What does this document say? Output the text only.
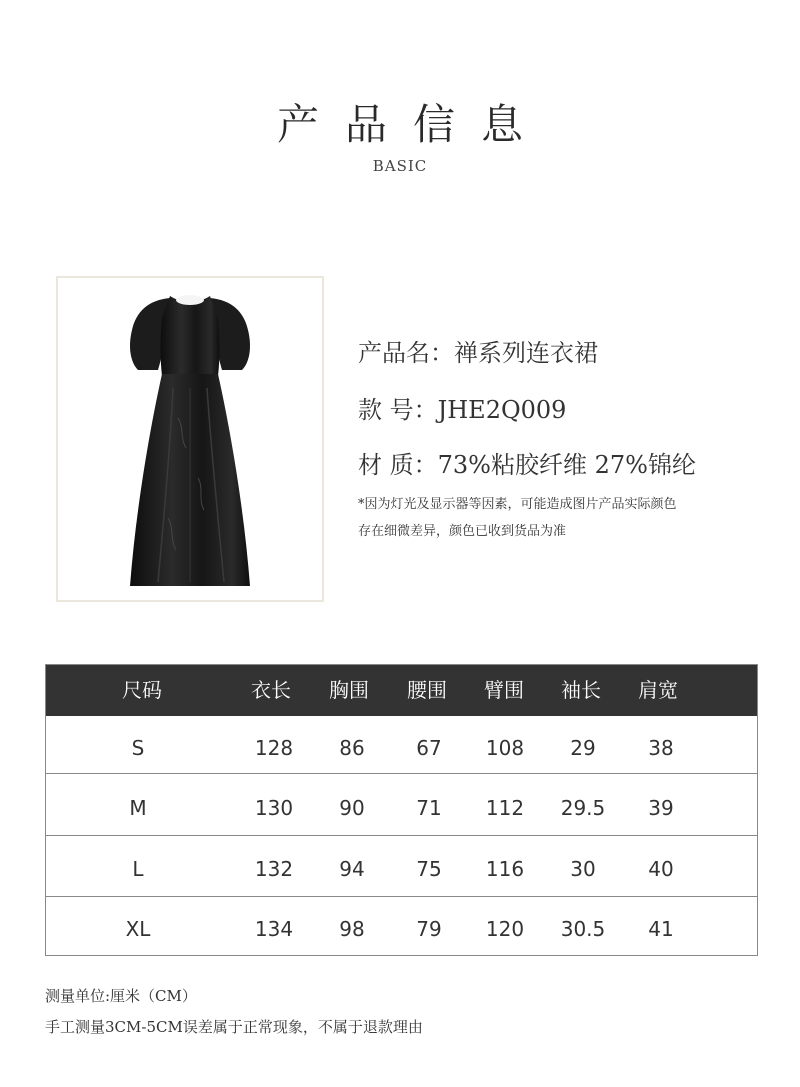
产品信息
BASIC
产品名：禅系列连衣裙
款 号：JHE2Q009
材 质：73%粘胶纤维 27%锦纶
*因为灯光及显示器等因素，可能造成图片产品实际颜色
存在细微差异，颜色已收到货品为准
尺码	衣长 胸围 腰围 臂围 袖长 肩宽
S	128 86	67 108 29	38
M	130 90	71 112 29.5 39
L	132 94	75 116 30	40
XL	134 98	79 120 30.5 41
测量单位:厘米（CM）
手工测量3CM-5CM误差属于正常现象，不属于退款理由
